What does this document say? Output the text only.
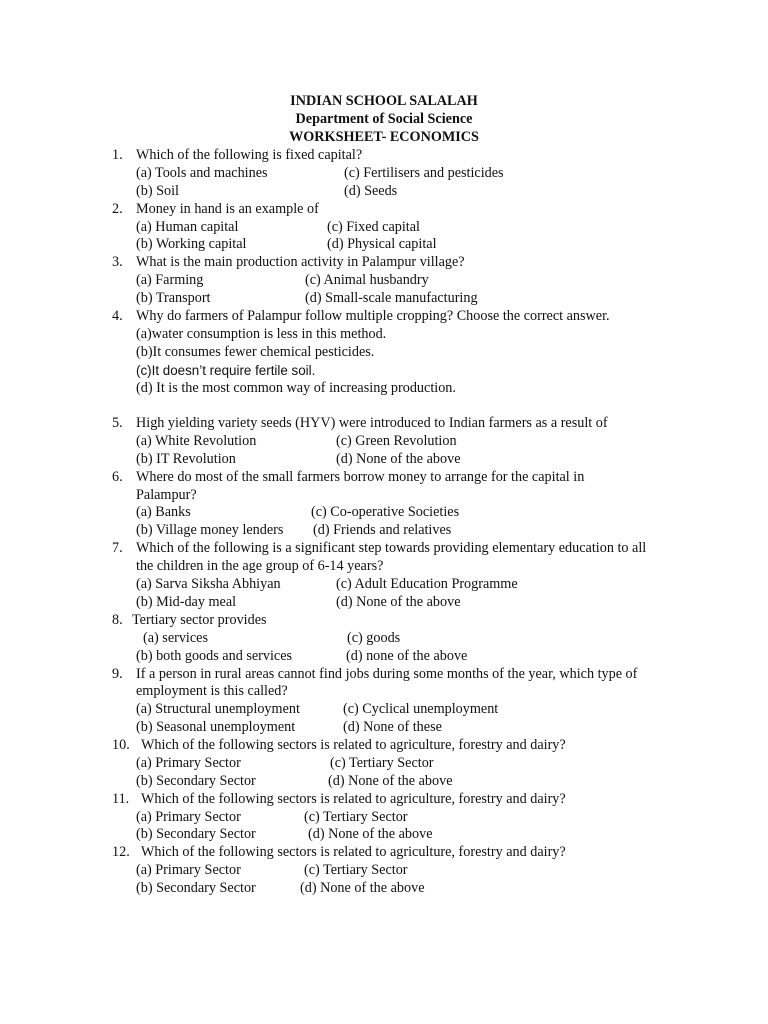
INDIAN SCHOOL SALALAH
Department of Social Science
WORKSHEET- ECONOMICS
1. Which of the following is fixed capital?
(a) Tools and machines	(c) Fertilisers and pesticides
(b) Soil	(d) Seeds
2. Money in hand is an example of
(a) Human capital	(c) Fixed capital
(b) Working capital	(d) Physical capital
3. What is the main production activity in Palampur village?
(a) Farming	(c) Animal husbandry
(b) Transport	(d) Small-scale manufacturing
4. Why do farmers of Palampur follow multiple cropping? Choose the correct answer.
(a)water consumption is less in this method.
(b)It consumes fewer chemical pesticides.
(c)It doesn’t require fertile soil.
(d) It is the most common way of increasing production.
5. High yielding variety seeds (HYV) were introduced to Indian farmers as a result of
(a) White Revolution	(c) Green Revolution
(b) IT Revolution	(d) None of the above
6. Where do most of the small farmers borrow money to arrange for the capital in
Palampur?
(a) Banks	(c) Co-operative Societies
(b) Village money lenders (d) Friends and relatives
7. Which of the following is a significant step towards providing elementary education to all
the children in the age group of 6-14 years?
(a) Sarva Siksha Abhiyan	(c) Adult Education Programme
(b) Mid-day meal	(d) None of the above
8. Tertiary sector provides
(a) services	(c) goods
(b) both goods and services	(d) none of the above
9. If a person in rural areas cannot find jobs during some months of the year, which type of
employment is this called?
(a) Structural unemployment	(c) Cyclical unemployment
(b) Seasonal unemployment	(d) None of these
10. Which of the following sectors is related to agriculture, forestry and dairy?
(a) Primary Sector	(c) Tertiary Sector
(b) Secondary Sector	(d) None of the above
11. Which of the following sectors is related to agriculture, forestry and dairy?
(a) Primary Sector	(c) Tertiary Sector
(b) Secondary Sector	(d) None of the above
12. Which of the following sectors is related to agriculture, forestry and dairy?
(a) Primary Sector	(c) Tertiary Sector
(b) Secondary Sector	(d) None of the above
